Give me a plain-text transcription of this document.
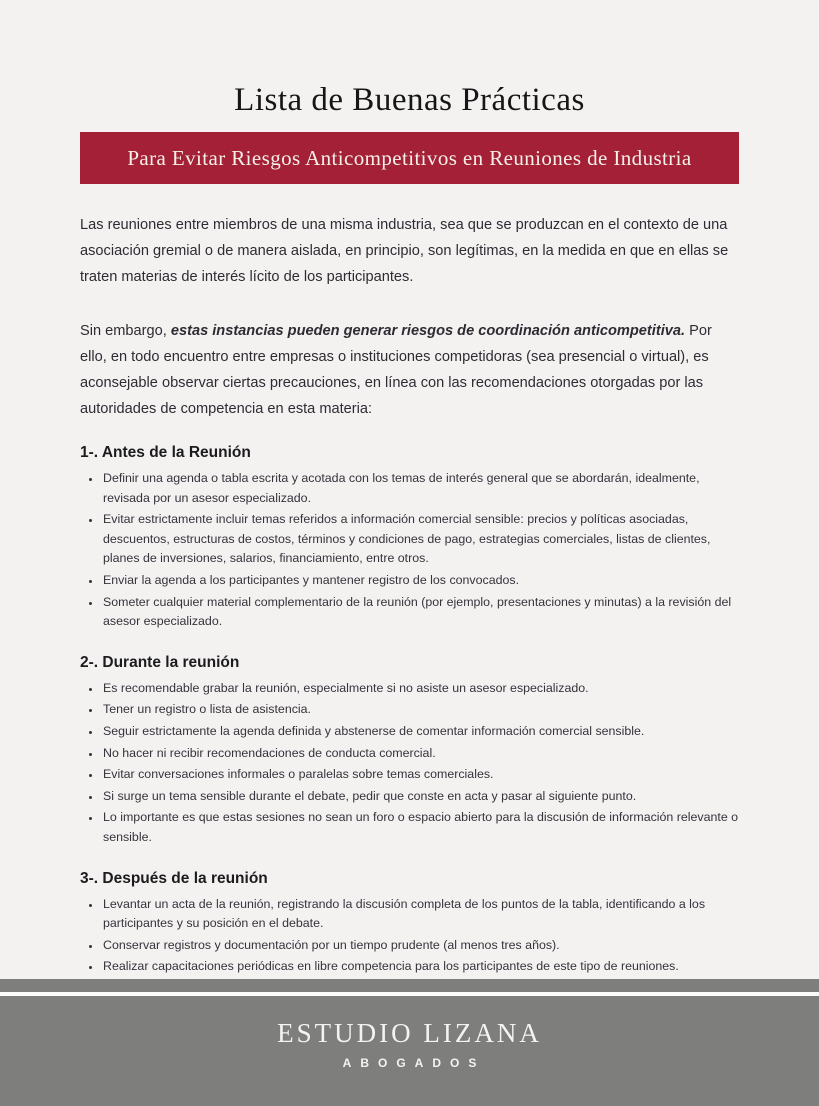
Lista de Buenas Prácticas
Para Evitar Riesgos Anticompetitivos en Reuniones de Industria

Las reuniones entre miembros de una misma industria, sea que se produzcan en el contexto de una asociación gremial o de manera aislada, en principio, son legítimas, en la medida en que en ellas se traten materias de interés lícito de los participantes.

Sin embargo, estas instancias pueden generar riesgos de coordinación anticompetitiva. Por ello, en todo encuentro entre empresas o instituciones competidoras (sea presencial o virtual), es aconsejable observar ciertas precauciones, en línea con las recomendaciones otorgadas por las autoridades de competencia en esta materia:

1-. Antes de la Reunión
• Definir una agenda o tabla escrita y acotada con los temas de interés general que se abordarán, idealmente, revisada por un asesor especializado.
• Evitar estrictamente incluir temas referidos a información comercial sensible: precios y políticas asociadas, descuentos, estructuras de costos, términos y condiciones de pago, estrategias comerciales, listas de clientes, planes de inversiones, salarios, financiamiento, entre otros.
• Enviar la agenda a los participantes y mantener registro de los convocados.
• Someter cualquier material complementario de la reunión (por ejemplo, presentaciones y minutas) a la revisión del asesor especializado.
2-. Durante la reunión
• Es recomendable grabar la reunión, especialmente si no asiste un asesor especializado.
• Tener un registro o lista de asistencia.
• Seguir estrictamente la agenda definida y abstenerse de comentar información comercial sensible.
• No hacer ni recibir recomendaciones de conducta comercial.
• Evitar conversaciones informales o paralelas sobre temas comerciales.
• Si surge un tema sensible durante el debate, pedir que conste en acta y pasar al siguiente punto.
• Lo importante es que estas sesiones no sean un foro o espacio abierto para la discusión de información relevante o sensible.
3-. Después de la reunión
• Levantar un acta de la reunión, registrando la discusión completa de los puntos de la tabla, identificando a los participantes y su posición en el debate.
• Conservar registros y documentación por un tiempo prudente (al menos tres años).
• Realizar capacitaciones periódicas en libre competencia para los participantes de este tipo de reuniones.
•
ESTUDIO LIZANA
ABOGADOS
